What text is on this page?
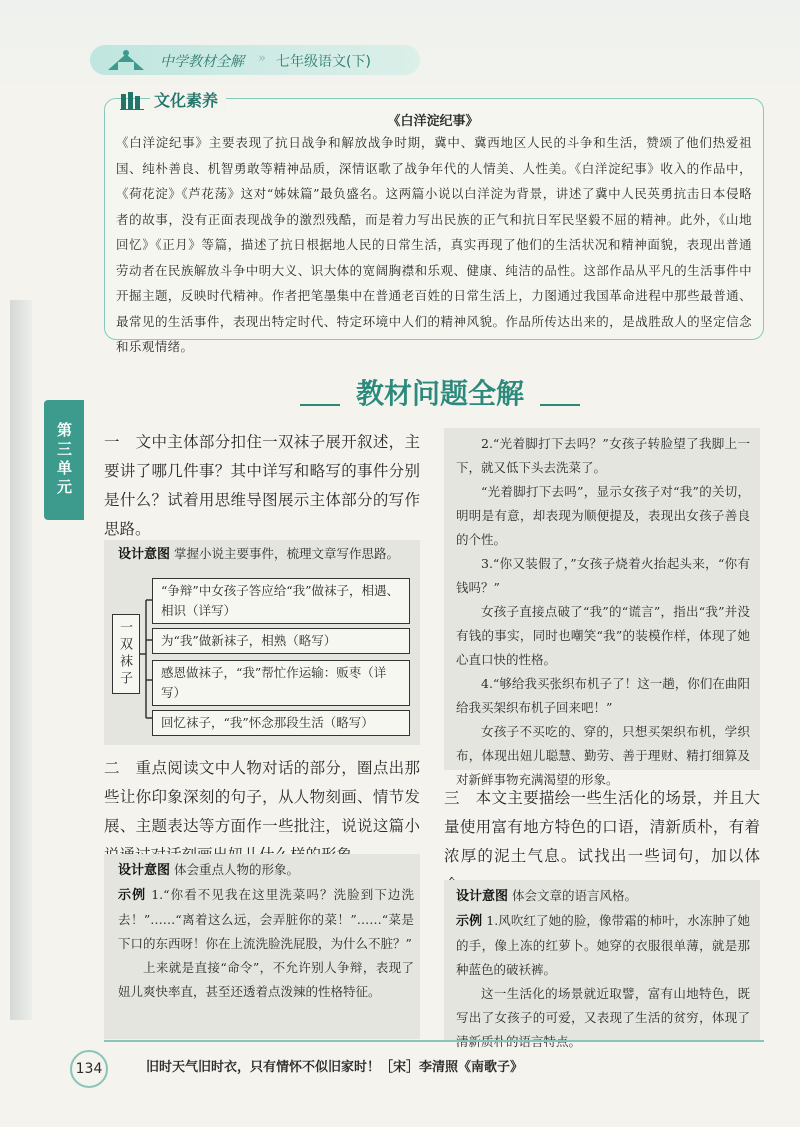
中学教材全解 » 七年级语文(下)
第三单元
文化素养
《白洋淀纪事》
《白洋淀纪事》主要表现了抗日战争和解放战争时期，冀中、冀西地区人民的斗争和生活，赞颂了他们热爱祖国、纯朴善良、机智勇敢等精神品质，深情讴歌了战争年代的人情美、人性美。《白洋淀纪事》收入的作品中，《荷花淀》《芦花荡》这对“姊妹篇”最负盛名。这两篇小说以白洋淀为背景，讲述了冀中人民英勇抗击日本侵略者的故事，没有正面表现战争的激烈残酷，而是着力写出民族的正气和抗日军民坚毅不屈的精神。此外，《山地回忆》《正月》等篇，描述了抗日根据地人民的日常生活，真实再现了他们的生活状况和精神面貌，表现出普通劳动者在民族解放斗争中明大义、识大体的宽阔胸襟和乐观、健康、纯洁的品性。这部作品从平凡的生活事件中开掘主题，反映时代精神。作者把笔墨集中在普通老百姓的日常生活上，力图通过我国革命进程中那些最普通、最常见的生活事件，表现出特定时代、特定环境中人们的精神风貌。作品所传达出来的，是战胜敌人的坚定信念和乐观情绪。
教材问题全解
一　文中主体部分扣住一双袜子展开叙述，主要讲了哪几件事？其中详写和略写的事件分别是什么？试着用思维导图展示主体部分的写作思路。
设计意图 掌握小说主要事件，梳理文章写作思路。
一双袜子
“争辩”中女孩子答应给“我”做袜子，相遇、相识（详写）
为“我”做新袜子，相熟（略写）
感恩做袜子，“我”帮忙作运输：贩枣（详写）
回忆袜子，“我”怀念那段生活（略写）
二　重点阅读文中人物对话的部分，圈点出那些让你印象深刻的句子，从人物刻画、情节发展、主题表达等方面作一些批注，说说这篇小
设计意图 体会重点人物的形象。
示例 1.“你看不见我在这里洗菜吗？洗脸到下边洗去！”……“离着这么远，会弄脏你的菜！”……“菜是下口的东西呀！你在上流洗脸洗屁股，为什么不脏？”
上来就是直接“命令”，不允许别人争辩，表现了妞儿爽快率直，甚至还透着点泼辣的性格特征。
2.“光着脚打下去吗？”女孩子转脸望了我脚上一下，就又低下头去洗菜了。
“光着脚打下去吗”，显示女孩子对“我”的关切，明明是有意，却表现为顺便提及，表现出女孩子善良的个性。
3.“你又装假了，”女孩子烧着火抬起头来，“你有钱吗？”
女孩子直接点破了“我”的“谎言”，指出“我”并没有钱的事实，同时也嘲笑“我”的装模作样，体现了她心直口快的性格。
4.“够给我买张织布机子了！这一趟，你们在曲阳给我买架织布机子回来吧！”
女孩子不买吃的、穿的，只想买架织布机，学织布，体现出妞儿聪慧、勤劳、善于理财、精打细算及对新鲜事物充满渴望的形象。
三　本文主要描绘一些生活化的场景，并且大量使用富有地方特色的口语，清新质朴，有着浓厚的泥土气息。试找出一些词句，加以体
设计意图 体会文章的语言风格。
示例 1.风吹红了她的脸，像带霜的柿叶，水冻肿了她的手，像上冻的红萝卜。她穿的衣服很单薄，就是那种蓝色的破袄裤。
这一生活化的场景就近取譬，富有山地特色，既写出了女孩子的可爱，又表现了生活的贫穷，体现了
134	旧时天气旧时衣，只有情怀不似旧家时！［宋］李清照《南歌子》
